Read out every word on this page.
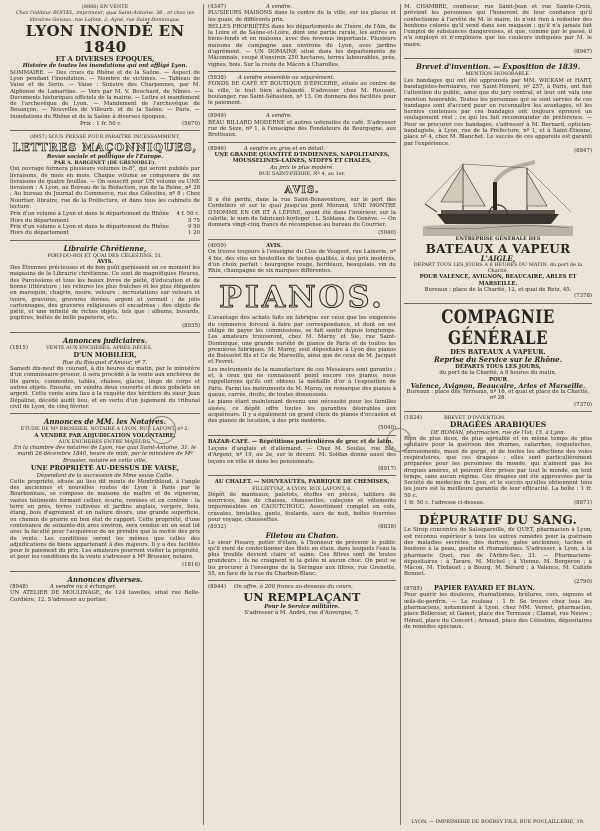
(8986) EN VENTE
Chez l'éditeur BOITEL, imprimeur, quai Saint-Antoine, 36 , et chez les libraires Gevaux, rue Lafont, 2; Ayné, rue Saint-Dominique.
LYON INONDÉ EN 1840
ET A DIVERSES ÉPOQUES,
Histoire de toutes les inondations qui ont affligé Lyon.

SOMMAIRE. — Des crues du Rhône et de la Saône. — Aspect de Lyon pendant l'inondation. — Nombre de victimes. — Tableau de Vaise et de Serin. — Vaise : Sinistre des Charpennes, par M. Alphonse de Lamartine. — Vers par M. V. Bouchard, de Nîmes. — Documents historiques officiels de la mairie. — Lettre et mandement de l'archevêque de Lyon. — Mandement de l'archevêque de Besançon. — Nouvelles de Villeurb. et de la Saône. — Paris. — Inondations du Rhône et de la Saône à diverses époques.

Prix : 1 fr. 50 c.	(5670)
(8957) SOUS PRESSE POUR PARAITRE INCESSAMMENT,
LETTRES MAÇONNIQUES,
Revue sociale et politique de l'Europe.
PAR A. BARGINET (DE GRENOBLE).

Qui ouvrage formera plusieurs volumes in-8°, qui seront publiés par livraisons, de mois en mois. Chaque volume se composera de six livraisons de quatre feuilles. — On souscrit pour UN volume ou UNE livraison : A Lyon, au Bureau de la Rédaction, rue de la Reine, nº 28 ; Au bureau du Journal du Commerce, rue des Célestins, nº 8 ; Chez Nourtier, libraire, rue de la Préfecture, et dans tous les cabinets de lecture.

Prix d'un volume à Lyon et dans le département du Rhône 4 f. 50 c.
Hors du département	5 75
Prix d'un volume à Lyon et dans le département du Rhône	9 50
Hors du département	1 20
Librairie Chrétienne,
PORT-DU-ROI ET QUAI DES CÉLESTINS, 51.
AVIS.

Des Étrennes précieuses et de bon goût garnissent en ce moment les magasins de la Librairie chrétienne. Ce sont de magnifiques Heures, des Paroissiens et tous les beaux livres de piété, d'éducation et de bonne littérature ; les reliures les plus fraîches et les plus élégantes en maroquin, chagrin, moire, velours ; incrustations sur velours et ivoire, gravures, gravures dorées, argent et vermeil ; de jolis cartonnages, des gravures religieuses et encadrées ; des objets de piété, et une infinité de riches objets, tels que : albums, buvards, pupitres, boîtes de belle papeterie, etc.

(8935)
Annonces judiciaires.
(1815)	VENTE AUX ENCHÈRES, APRÈS DÉCÈS,
D'UN MOBILIER,
Rue du Bouquet d'Amour, nº 7.

Samedi dix-neuf du courant, à dix heures du matin, par le ministère d'un commissaire-priseur, il sera procédé à la vente aux enchères de lits garnis, commodes, tables, chaises, glaces, linge de corps et autres objets. Ensuite, on vendra deux couverts et deux gobelets en argent. Cette vente aura lieu à la requête des héritiers du sieur Jean Dépaline, décédé audit lieu, et en vertu d'un jugement du tribunal civil de Lyon, du cinq février.

Annonces de MM. les Notaires.
ÉTUDE DE Mº BROSSIER, NOTAIRE A LYON, RUE LAFONT, nº 2.
A VENDRE PAR ADJUDICATION VOLONTAIRE,
AUX ENCHÈRES ENTRE MAJEURS,
En la chambre des notaires de Lyon, rue quai Saint-Antoine, 31, le mardi 26 décembre 1840, heure de midi, par le ministère de Mº Brossier, notaire en cette ville,
UNE PROPRIÉTÉ AU-DESSUS DE VAISE,
Dépendant de la succession de Mme veuve Caille.

Cette propriété, située au lieu dit monts de Montribloud, à l'angle des anciennes et nouvelles routes de Lyon à Paris par le Bourbonnais, se compose de maisons de maître et de vigneron, vastes bâtiments formant cellier, écurie, remises et en contrée : la terre en prés, terres cultivées et jardins anglais, vergers, bois, étang, bois d'agrément et en nature divers, une grande superficie, ou chemin de prairie en bon état de rapport. Cette propriété, d'une contenance de soixante-dix ares environ, sera vendue en un seul lot avec la faculté pour l'acquéreur de ne prendre que la moitié des prix de vente. Les conditions seront les mêmes que celles des adjudications de biens appartenant à des majeurs. Il y a des facilités pour le paiement du prix. Les amateurs pourront visiter la propriété, et pour les conditions de la vente s'adresser à Mº Brossier, notaire.

(1816)
Annonces diverses.
(8948)	A vendre ou à échanger.

UN ATELIER DE MOULINAGE, de 124 tavelles, situé rue Belle-Cordière, 12. S'adresser au portier.

(4347)	A vendre.

PLUSIEURS MAISONS dans le centre de la ville, sur les places et les quais, de différents prix.

BELLES PROPRIÉTÉS dans les départements de l'Isère, de l'Ain, de la Loire et de Saône-et-Loire, dont une partie rurale, les autres en biens-fonds et en maisons, avec des revenus importants. Plusieurs maisons de campagne aux environs de Lyon, avec jardins d'agrément. — UN DOMAINE situé dans les départements de Mâconnais, coupé d'environ 250 hectares, terres labourables, prés, vignes, bois. Sur la route de Mâcon à Charolles.

(5938) A vendre ensemble ou séparément.

FONDS DE CAFÉ ET BOUTIQUE D'ÉPICERIE, situés au centre de la ville, le tout bien achalandé. S'adresser chez M. Rousset, boulanger, rue Saint-Sébastien, nº 13. On donnera des facilités pour le paiement.

(8949)	A vendre.

BEAU BILLARD MODERNE et autres ustensiles de café. S'adresser rue de Sèze, nº 1, à l'enseigne des Fondateurs de Bourgogne, aux Brotteaux.

(8946)	A vendre en gros et en détail.
UNE GRANDE QUANTITÉ D'INDIENNES, NAPOLITAINES, MOUSSELINES-LAINES, STOFFS ET CHALES,
Au prix le plus modéré.
RUE SAINT-PIERRE, Nº 4, au 1er.
AVIS.

Il a été perdu, dans la rue Saint-Bonaventure, sur le port des Cordeliers et sur le quai jusqu'au pont Morand, UNE MONTRE D'HOMME EN OR ET A LÉPINE, ayant été dans l'intérieur, sur la calotte, le nom du fabricant-horloger : L. Soldana, de Genève. — On donnera vingt-cinq francs de récompense au bureau du Courrier.

(5040)
(4059)	AVIS.

On trouve toujours à l'enseigne du Clos de Vougeot, rue Lainerie, nº 4 bis, des vins en bouteilles de toutes qualités, à des prix modérés, d'un choix parfait : bourgogne rouge, bordeaux, beaujolais, vin du Rhin, champagne de six marques différentes.

PIANOS.

L'avantage des achats faits en fabrique sur ceux que les exigences du commerce forcent à faire par correspondance, et dont on est obligé de payer les commissions, se fait sentir depuis longtemps. Les amateurs trouveront, chez M. Marny et Sie, rue Saint-Dominique, une grande variété de pianos de Paris et de toutes les premières fabriques. M. Marny, seul dépositaire à Lyon des pianos de Boisselot fils et Ce de Marseille, ainsi que de ceux de M. Jacquet et Fevret.

Les instruments de la manufacture de ces Messieurs sont garantis ; et, à ceux qui ne connaissent point encore ces pianos, nous rappellerons qu'ils ont obtenu la médaille d'or à l'exposition de Paris. Parmi les instruments de M. Marny, on remarque des pianos à queue, carrés, droits, de toutes dimensions.

Le piano étant maintenant devenu une nécessité pour les familles aisées, ce dépôt offre toutes les garanties désirables aux acquéreurs. Il y a également un grand choix de pianos d'occasion et des pianos de location, à des prix modérés.

(5040)

BAZAR-CAFÉ. — Répétitions particulières de grec et de latin.

Leçons d'anglais et d'allemand. — Chez M. Soulas, rue Bât-d'Argent, nº 19, au 2e, sur le devant. M. Soldan donne aussi des leçons en ville et dans les pensionnats.

(8917)
AU CHALET. — NOUVEAUTÉS, FABRIQUE DE CHEMISES,
FILLIETTAZ, A LYON, RUE LAFONT, 6.

Dépôt de manteaux, paletots, étoffes en pièces, tabliers de nourrices, bas de chaises, chaussettes, caleçons et vêtements imperméables en CAOUTCHOUC. Assortiment complet en cols, cravates, bretelles, gants, foulards, sacs de nuit, boîtes fourrées pour voyage, chaussettes.

(8932)	(8838)
Filetou au Chaton.

Le sieur Pissavy, potier d'étain, à l'honneur de prévenir le public qu'il vient de confectionner des filets en étain, dans lesquels l'eau la plus trouble devient claire et saine. Ces filtres sont de toutes grandeurs ; ils ne craignent ni la gelée ni aucun choc. On peut se les procurer à l'enseigne de la Seringue aux filtres, rue Grenette, 55, en face de la rue du Charbon-Blanc.

(8944) On offre, à 200 francs au-dessous du cours,
UN REMPLAÇANT
Pour le Service militaire.
S'adresser à M. André, rue d'Auvergne, 7.

M. CHAMBRE, confiseur, rue Saint-Jean et rue Sainte-Croix, prévient les personnes qui l'honorent de leur confiance qu'il confectionne à l'arrêté de M. le maire, ils n'ont rien à redouter des bonbons colorés qu'il vend dans son magasin ; qu'il n'a jamais fait l'emploi de substances dangereuses, et que, comme par le passé, il n'a employé et n'emploiera que les couleurs indiquées par M. le maire.

(8947)
Brevet d'invention. — Exposition de 1839.
MENTION HONORABLE.

Les bandages qui ont été approuvés par MM. WICKAM et HART, bandagistes-herniaires, rue Saint-Honoré, nº 257, à Paris, ont fixé l'attention du public, ainsi que du jury central, et leur ont valu une mention honorable. Toutes les personnes qui se sont servies de ces bandages sont d'accord pour en reconnaître les avantages, et les hernies contenues par ces bandages ont toujours éprouvé un soulagement réel ; ce qui les fait recommander de préférence. — Pour se procurer ces bandages, s'adresser à M. Bernard, opticien-bandagiste, à Lyon, rue de la Préfecture, nº 1, et à Saint-Étienne, place nº 4, chez M. Blanchet. Le succès de ces appareils est garanti par l'expérience.

(8847)
ENTREPRISE GÉNÉRALE DES
BATEAUX A VAPEUR
L'AIGLE,
DÉPART TOUS LES JOURS A 6 HEURES DU MATIN, du port de la Charité,
POUR VALENCE, AVIGNON, BEAUCAIRE, ARLES ET MARSEILLE.
Bureaux : place de la Charité, 12, et quai de Retz, 45.
(7378)
COMPAGNIE GÉNÉRALE
DES BATEAUX A VAPEUR.
Reprise du Service sur le Rhône.
DÉPARTS TOUS LES JOURS,
du port de la Charité, à 9 heures du matin,
POUR
Valence, Avignon, Beaucaire, Arles et Marseille.
Bureaux : place des Terreaux, nº 16, et quai et place de la Charité, nº 28.
(7370)
(1824)	BREVET D'INVENTION.
DRAGÉES ARABIQUES
DE ROMAN, pharmacien, rue de l'Ist, 15, à Lyon.

Rien de plus doux, de plus agréable et en même temps de plus salutaire pour la guérison des rhumes, catarrhes, coqueluches, enrouements, maux de gorge, et de toutes les affections des voies respiratoires, que ces dragées : elles sont particulièrement préparées pour les personnes du monde, qui n'aiment pas les drogues amères, et peuvent être prises par tout le monde, en tout temps, sans aucun régime. Ces dragées ont été approuvées par la Société de médecine de Lyon, et le succès qu'elles obtiennent tous les jours est la meilleure garantie de leur efficacité. La boîte : 1 fr. 50 c.

1 fr. 50 c. l'adresse ci-dessus.	(8871)
DÉPURATIF DU SANG.

Le Sirop concentré de Salsepareille, de QUET, pharmacien à Lyon, est reconnu supérieur à tous les autres remèdes pour la guérison des maladies secrètes, des dartres, gales anciennes, taches et boutons à la peau, goutte et rhumatismes. S'adresser, à Lyon, à la pharmacie Quet, rue de l'Arbre-Sec, 31. — Pharmaciens-dépositaires : à Tarare, M. Michel ; à Vienne, M. Borgeron ; à Mâcon, M. Tixdauet ; à Bourg, M. Bérard ; à Valence, M. Calixte Bonnet.

(2790)
(8785) PAPIER FAYARD ET BLAYN.

Pour guérir les douleurs, rhumatismes, brûlures, cors, oignons et œils-de-perdrix. — Le rouleau : 1 fr. Se trouve chez tous les pharmaciens, notamment à Lyon, chez MM. Vernet, pharmacien, place Bellecour, et Gamet, place des Terreaux ; Clamat, rue Neuve ; Hémel, place du Concert ; Arnaud, place des Célestins, dépositaires de remèdes spéciaux.

LYON. — IMPRIMERIE DE BOERSY FILS, RUE POULAILLERIE, 19.
